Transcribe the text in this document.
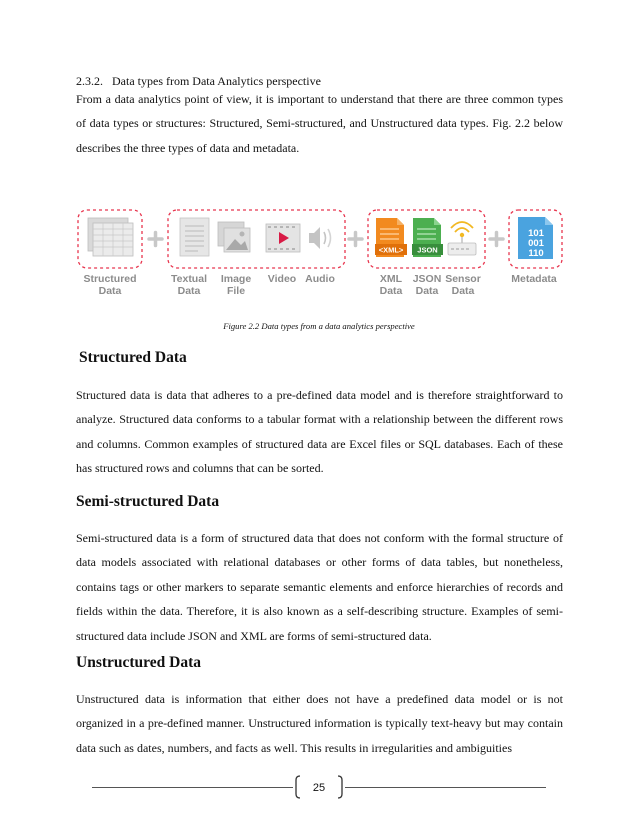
2.3.2. Data types from Data Analytics perspective

From a data analytics point of view, it is important to understand that there are three common types of data types or structures: Structured, Semi-structured, and Unstructured data types. Fig. 2.2 below describes the three types of data and metadata.

<XML> JSON
101
001
110
Structured
Data
Textual
Data
Image
File
Video Audio	XML
Data
JSON
Data
Sensor
Data
Metadata
Figure 2.2 Data types from a data analytics perspective
Structured Data

Structured data is data that adheres to a pre-defined data model and is therefore straightforward to analyze. Structured data conforms to a tabular format with a relationship between the different rows and columns. Common examples of structured data are Excel files or SQL databases. Each of these has structured rows and columns that can be sorted.

Semi-structured Data

Semi-structured data is a form of structured data that does not conform with the formal structure of data models associated with relational databases or other forms of data tables, but nonetheless, contains tags or other markers to separate semantic elements and enforce hierarchies of records and fields within the data. Therefore, it is also known as a self-describing structure. Examples of semi-structured data include JSON and XML are forms of semi-structured data.

Unstructured Data

Unstructured data is information that either does not have a predefined data model or is not organized in a pre-defined manner. Unstructured information is typically text-heavy but may contain data such as dates, numbers, and facts as well. This results in irregularities and ambiguities

25
